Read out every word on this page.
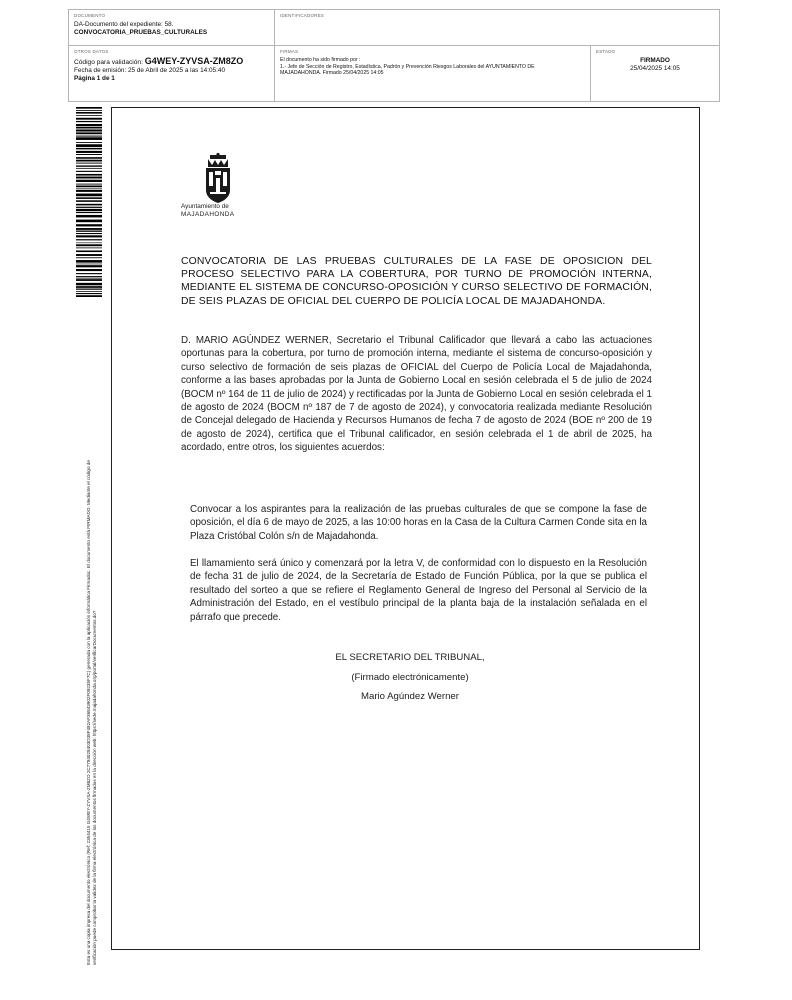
DOCUMENTO
DA-Documento del expediente: 58.
CONVOCATORIA_PRUEBAS_CULTURALES
IDENTIFICADORES
OTROS DATOS
Código para validación: G4WEY-ZYVSA-ZM8ZO
Fecha de emisión: 25 de Abril de 2025 a las 14:05:40
Página 1 de 1
FIRMAS
El documento ha sido firmado por :
1.- Jefe de Sección de Registro, Estadística, Padrón y Prevención Riesgos Laborales del AYUNTAMIENTO DE
MAJADAHONDA. Firmado 25/04/2025 14:05
ESTADO
FIRMADO
25/04/2025 14:05
Esta es una copia impresa del documento electrónico (Ref: 2354415 G4WEY-ZYVSA-ZM8ZO 2C7784028403D38F482AF36843902F09235F7C) generada con la aplicación informática Firmadoc. El documento está FIRMADO. Mediante el código de verificación puede comprobar la validez de la firma electrónica de los documentos firmados en la dirección web: https://sede.majadahonda.org/portal/verificarDocumentos.do?
Ayuntamiento de
MAJADAHONDA
CONVOCATORIA DE LAS PRUEBAS CULTURALES DE LA FASE DE OPOSICION DEL PROCESO SELECTIVO PARA LA COBERTURA, POR TURNO DE PROMOCIÓN INTERNA, MEDIANTE EL SISTEMA DE CONCURSO-OPOSICIÓN Y CURSO SELECTIVO DE FORMACIÓN, DE SEIS PLAZAS DE OFICIAL DEL CUERPO DE POLICÍA LOCAL DE MAJADAHONDA.
D. MARIO AGÚNDEZ WERNER, Secretario el Tribunal Calificador que llevará a cabo las actuaciones oportunas para la cobertura, por turno de promoción interna, mediante el sistema de concurso-oposición y curso selectivo de formación de seis plazas de OFICIAL del Cuerpo de Policía Local de Majadahonda, conforme a las bases aprobadas por la Junta de Gobierno Local en sesión celebrada el 5 de julio de 2024 (BOCM nº 164 de 11 de julio de 2024) y rectificadas por la Junta de Gobierno Local en sesión celebrada el 1 de agosto de 2024 (BOCM nº 187 de 7 de agosto de 2024), y convocatoria realizada mediante Resolución de Concejal delegado de Hacienda y Recursos Humanos de fecha 7 de agosto de 2024 (BOE nº 200 de 19 de agosto de 2024), certifica que el Tribunal calificador, en sesión celebrada el 1 de abril de 2025, ha acordado, entre otros, los siguientes acuerdos:
Convocar a los aspirantes para la realización de las pruebas culturales de que se compone la fase de oposición, el día 6 de mayo de 2025, a las 10:00 horas en la Casa de la Cultura Carmen Conde sita en la Plaza Cristóbal Colón s/n de Majadahonda.
El llamamiento será único y comenzará por la letra V, de conformidad con lo dispuesto en la Resolución de fecha 31 de julio de 2024, de la Secretaría de Estado de Función Pública, por la que se publica el resultado del sorteo a que se refiere el Reglamento General de Ingreso del Personal al Servicio de la Administración del Estado, en el vestíbulo principal de la planta baja de la instalación señalada en el párrafo que precede.
EL SECRETARIO DEL TRIBUNAL,
(Firmado electrónicamente)
Mario Agúndez Werner
